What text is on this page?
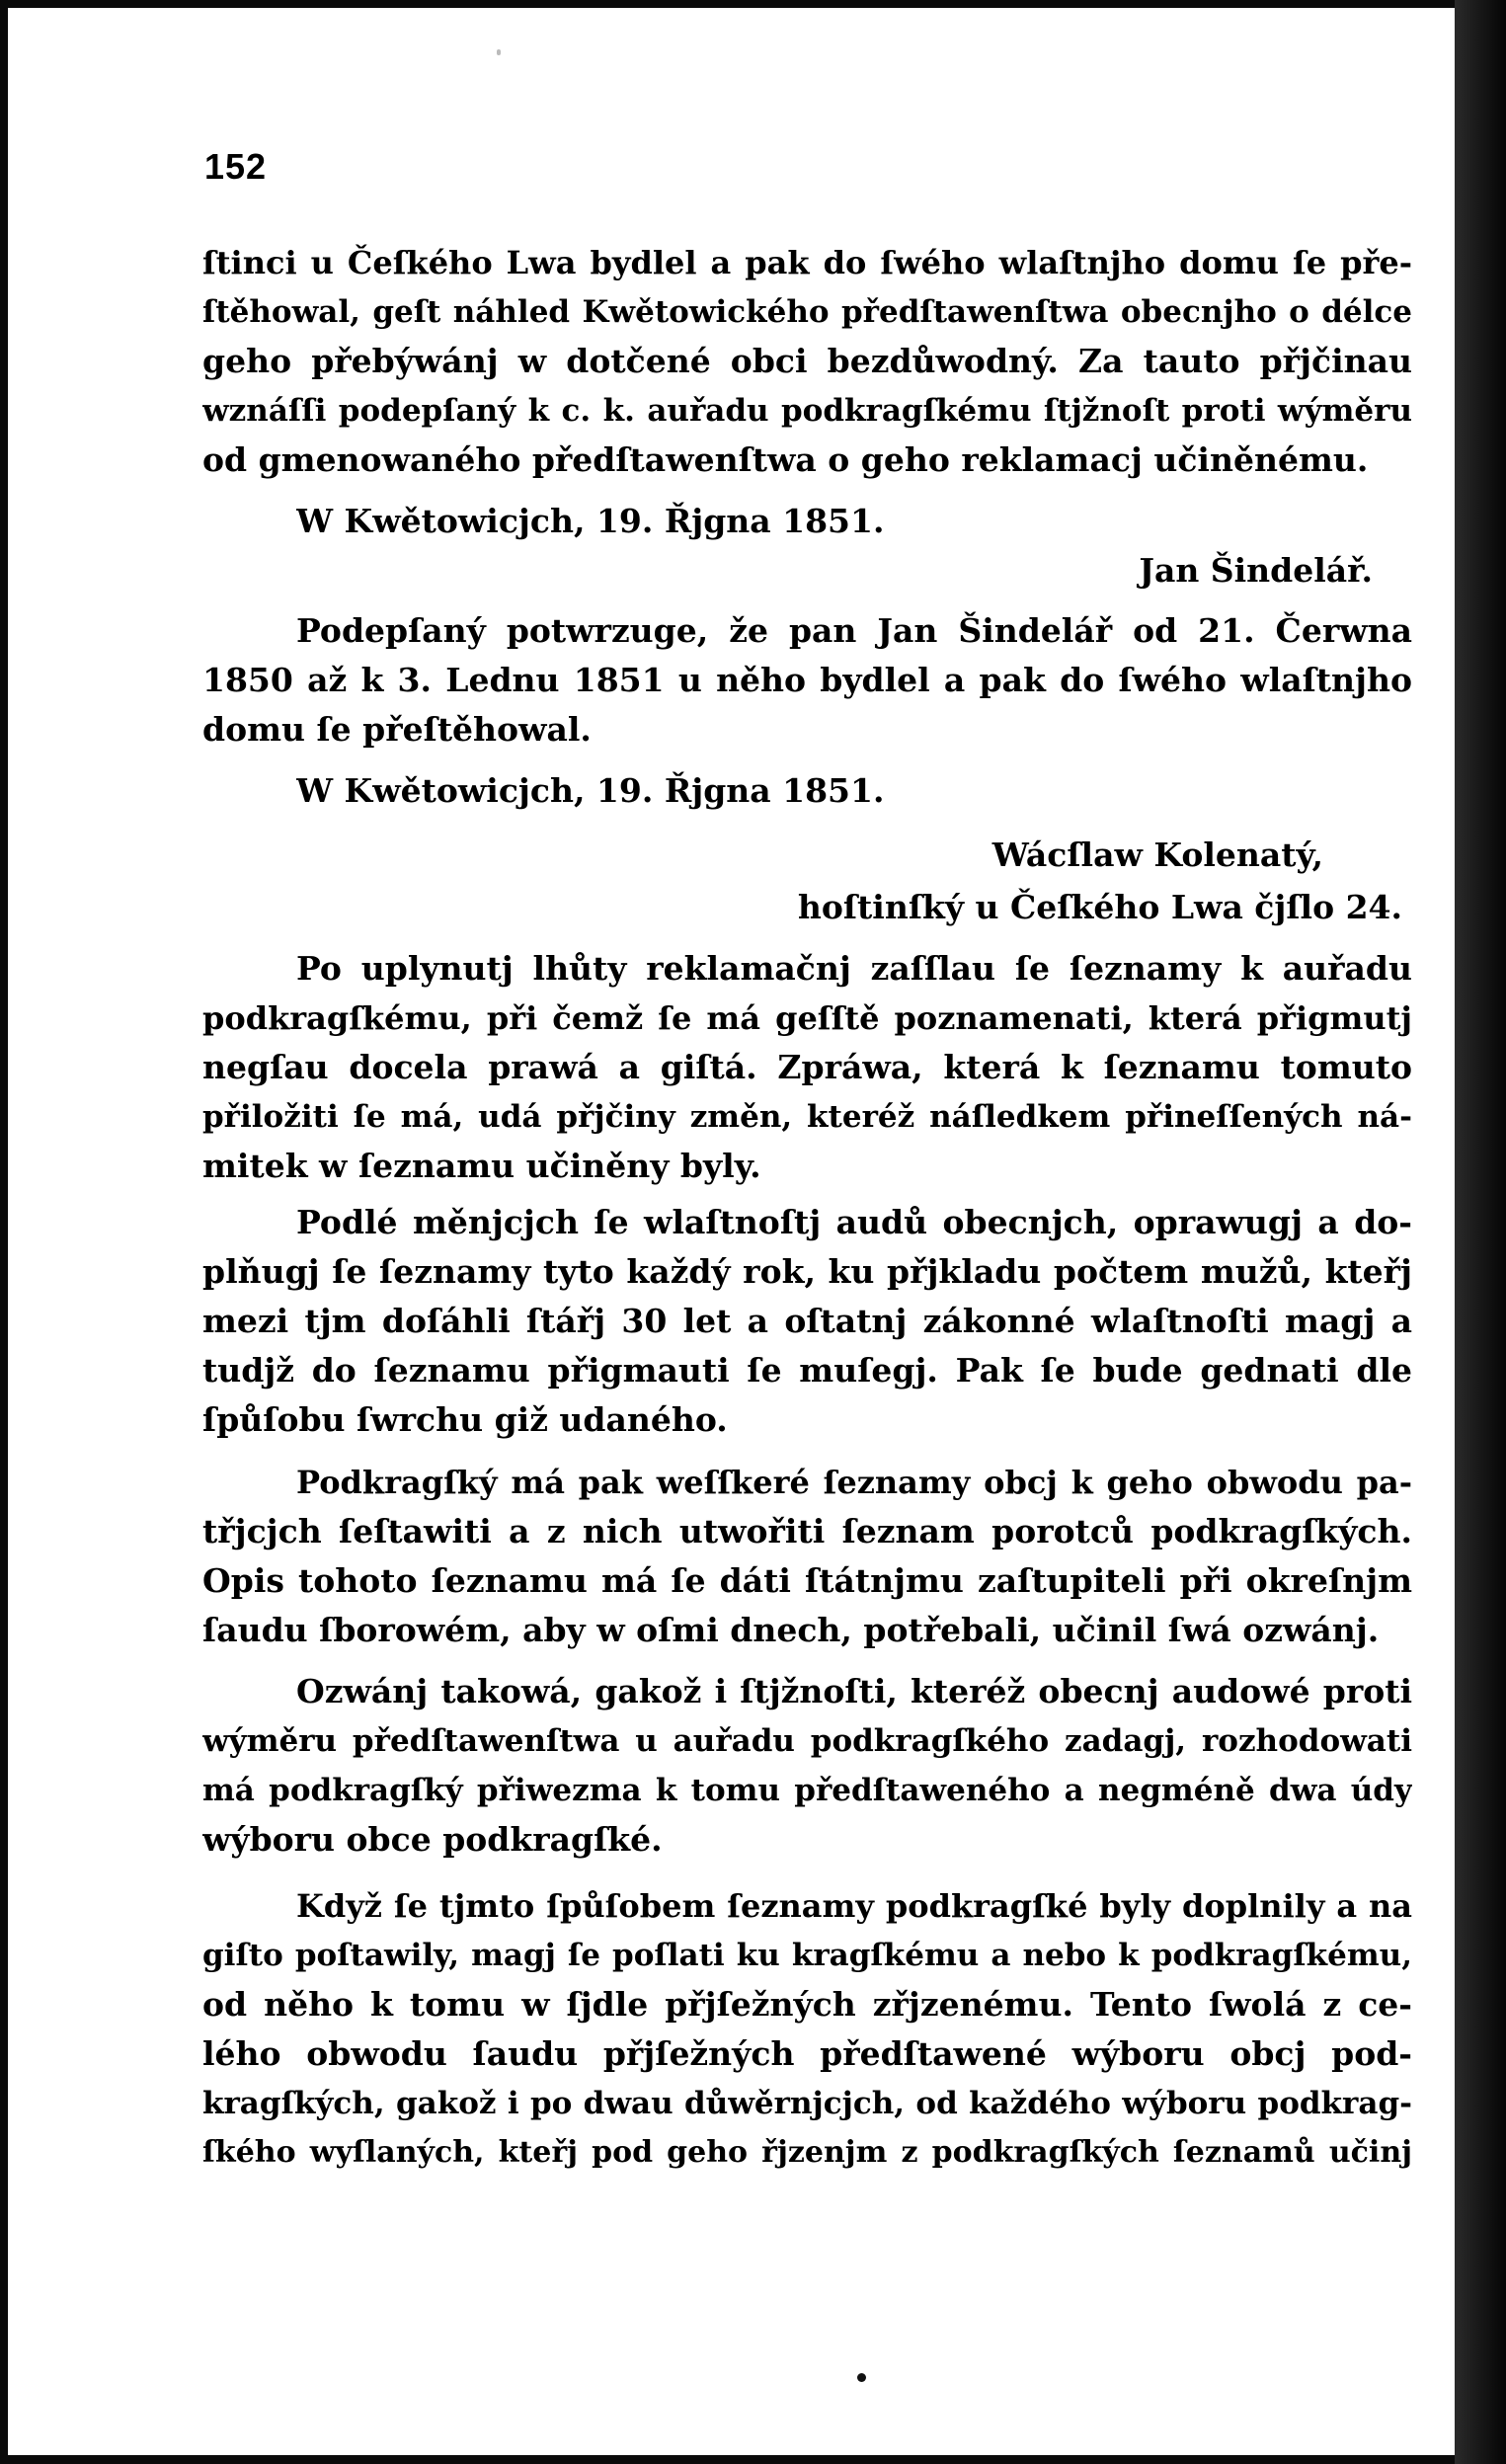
152
ſtinci u Čeſkého Lwa bydlel a pak do ſwého wlaſtnjho domu ſe pře-
ſtěhowal, geſt náhled Kwětowického předſtawenſtwa obecnjho o délce
geho přebýwánj w dotčené obci bezdůwodný. Za tauto přjčinau
wznáſſi podepſaný k c. k. auřadu podkragſkému ſtjžnoſt proti wýměru
od gmenowaného předſtawenſtwa o geho reklamacj učiněnému.
W Kwětowicjch, 19. Řjgna 1851.
Jan Šindelář.
Podepſaný potwrzuge, že pan Jan Šindelář od 21. Čerwna
1850 až k 3. Lednu 1851 u něho bydlel a pak do ſwého wlaſtnjho
domu ſe přeſtěhowal.
W Kwětowicjch, 19. Řjgna 1851.
Wácſlaw Kolenatý,
hoſtinſký u Čeſkého Lwa čjſlo 24.
Po uplynutj lhůty reklamačnj zaſſlau ſe ſeznamy k auřadu
podkragſkému, při čemž ſe má geſſtě poznamenati, která přigmutj
negſau docela prawá a giſtá. Zpráwa, která k ſeznamu tomuto
přiložiti ſe má, udá přjčiny změn, kteréž náſledkem přineſſených ná-
mitek w ſeznamu učiněny byly.
Podlé měnjcjch ſe wlaſtnoſtj audů obecnjch, oprawugj a do-
plňugj ſe ſeznamy tyto každý rok, ku přjkladu počtem mužů, kteřj
mezi tjm doſáhli ſtářj 30 let a oſtatnj zákonné wlaſtnoſti magj a
tudjž do ſeznamu přigmauti ſe muſegj. Pak ſe bude gednati dle
ſpůſobu ſwrchu giž udaného.
Podkragſký má pak weſſkeré ſeznamy obcj k geho obwodu pa-
třjcjch ſeſtawiti a z nich utwořiti ſeznam porotců podkragſkých.
Opis tohoto ſeznamu má ſe dáti ſtátnjmu zaſtupiteli při okreſnjm
ſaudu ſborowém, aby w oſmi dnech, potřebali, učinil ſwá ozwánj.
Ozwánj takowá, gakož i ſtjžnoſti, kteréž obecnj audowé proti
wýměru předſtawenſtwa u auřadu podkragſkého zadagj, rozhodowati
má podkragſký přiwezma k tomu předſtaweného a negméně dwa údy
wýboru obce podkragſké.
Když ſe tjmto ſpůſobem ſeznamy podkragſké byly doplnily a na
giſto poſtawily, magj ſe poſlati ku kragſkému a nebo k podkragſkému,
od něho k tomu w ſjdle přjſežných zřjzenému. Tento ſwolá z ce-
lého obwodu ſaudu přjſežných předſtawené wýboru obcj pod-
kragſkých, gakož i po dwau důwěrnjcjch, od každého wýboru podkrag-
ſkého wyſlaných, kteřj pod geho řjzenjm z podkragſkých ſeznamů učinj
